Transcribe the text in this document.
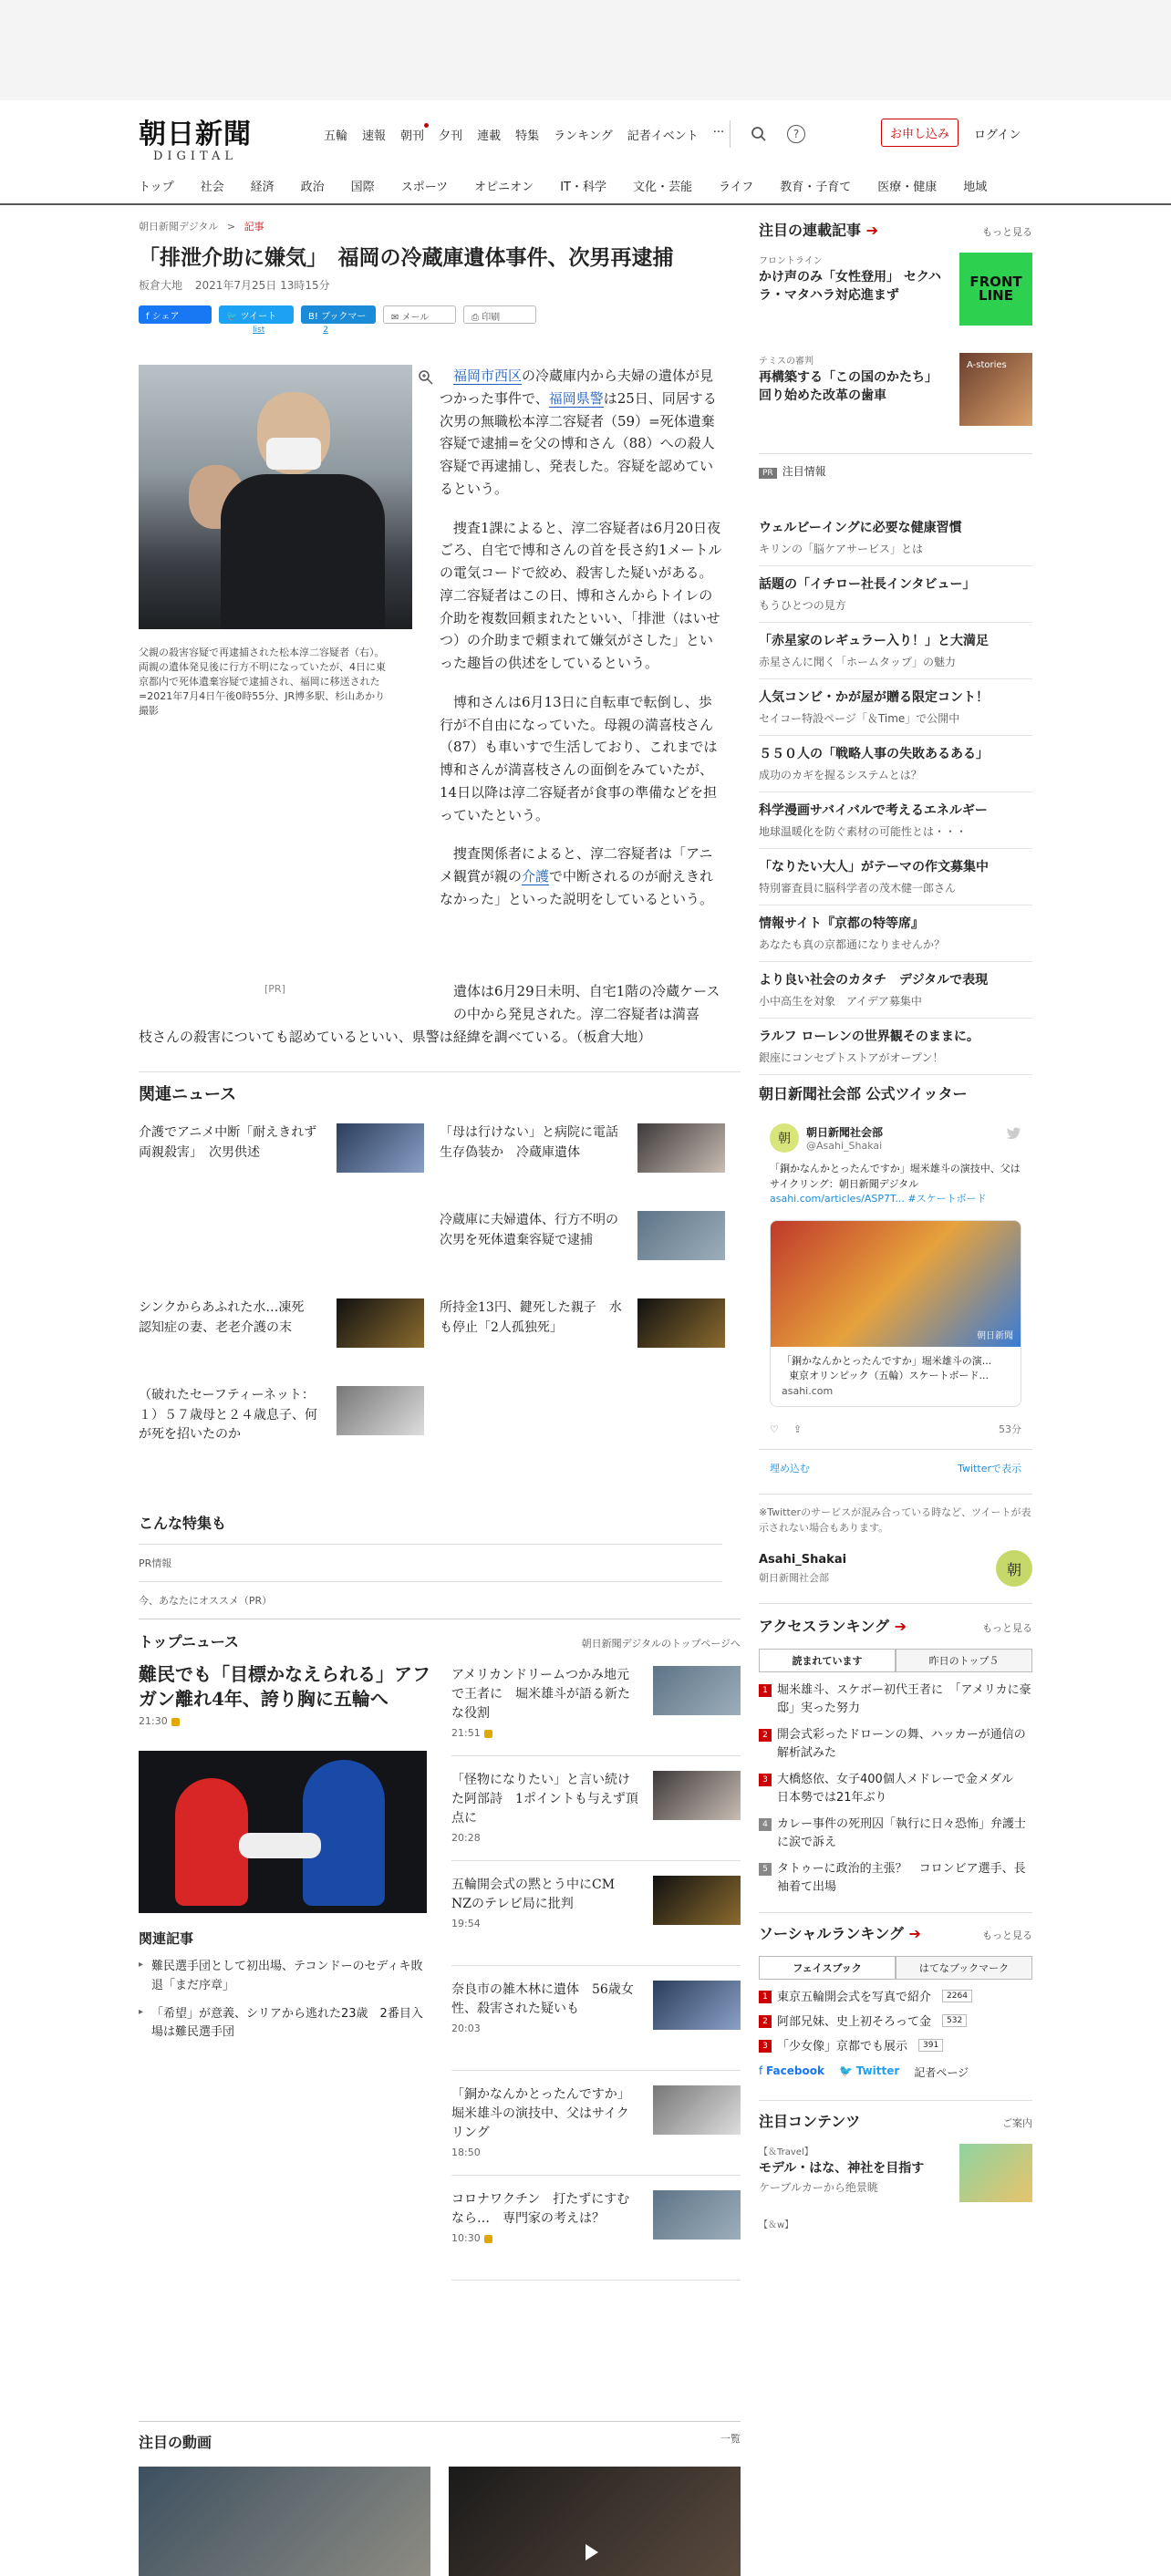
朝日新聞
DIGITAL
五輪 速報 朝刊 夕刊 連載 特集 ランキング 記者イベント ···	?	お申し込み	ログイン
トップ 社会 経済 政治 国際 スポーツ オピニオン IT・科学 文化・芸能 ライフ 教育・子育て 医療・健康 地域
朝日新聞デジタル > 記事
「排泄介助に嫌気」　福岡の冷蔵庫遺体事件、次男再逮捕
板倉大地 2021年7月25日 13時15分
f シェア	🐦 ツイート	B! ブックマーク
✉ メール	⎙ 印刷
list	2
父親の殺害容疑で再逮捕された松本淳二容疑者（右）。両親の遺体発見後に行方不明になっていたが、4日に東京都内で死体遺棄容疑で逮捕され、福岡に移送された=2021年7月4日午後0時55分、JR博多駅、杉山あかり撮影
[PR]

福岡市西区の冷蔵庫内から夫婦の遺体が見つかった事件で、福岡県警は25日、同居する次男の無職松本淳二容疑者（59）=死体遺棄容疑で逮捕=を父の博和さん（88）への殺人容疑で再逮捕し、発表した。容疑を認めているという。

捜査1課によると、淳二容疑者は6月20日夜ごろ、自宅で博和さんの首を長さ約1メートルの電気コードで絞め、殺害した疑いがある。淳二容疑者はこの日、博和さんからトイレの介助を複数回頼まれたといい、「排泄（はいせつ）の介助まで頼まれて嫌気がさした」といった趣旨の供述をしているという。

博和さんは6月13日に自転車で転倒し、歩行が不自由になっていた。母親の満喜枝さん（87）も車いすで生活しており、これまでは博和さんが満喜枝さんの面倒をみていたが、14日以降は淳二容疑者が食事の準備などを担っていたという。

捜査関係者によると、淳二容疑者は「アニメ観賞が親の介護で中断されるのが耐えきれなかった」といった説明をしているという。

遺体は6月29日未明、自宅1階の冷蔵ケースの中から発見された。淳二容疑者は満喜
枝さんの殺害についても認めているといい、県警は経緯を調べている。（板倉大地）
関連ニュース
介護でアニメ中断「耐えきれず両親殺害」　次男供述
「母は行けない」と病院に電話　生存偽装か　冷蔵庫遺体
冷蔵庫に夫婦遺体、行方不明の次男を死体遺棄容疑で逮捕
シンクからあふれた水…凍死　認知症の妻、老老介護の末
所持金13円、鍵死した親子　水も停止「2人孤独死」
（破れたセーフティーネット：１）５７歳母と２４歳息子、何が死を招いたのか
こんな特集も
PR情報
今、あなたにオススメ（PR）
トップニュース	朝日新聞デジタルのトップページへ
難民でも「目標かなえられる」アフガン離れ4年、誇り胸に五輪へ
21:30
関連記事
▸ 難民選手団として初出場、テコンドーのセディキ敗退「まだ序章」
▸ 「希望」が意義、シリアから逃れた23歳　2番目入場は難民選手団
アメリカンドリームつかみ地元で王者に　堀米雄斗が語る新たな役割
21:51
「怪物になりたい」と言い続けた阿部詩　1ポイントも与えず頂点に
20:28
五輪開会式の黙とう中にCM　NZのテレビ局に批判
19:54
奈良市の雑木林に遺体　56歳女性、殺害された疑いも
20:03
「銅かなんかとったんですか」堀米雄斗の演技中、父はサイクリング
18:50
コロナワクチン　打たずにすむなら…　専門家の考えは？
10:30
注目の動画	一覧
注目の連載記事 ➔	もっと見る
フロントライン
かけ声のみ「女性登用」 セクハラ・マタハラ対応進まず
FRONT
LINE
テミスの審判
再構築する「この国のかたち」　回り始めた改革の歯車
A-stories
PR 注目情報
ウェルビーイングに必要な健康習慣
キリンの「脳ケアサービス」とは
話題の「イチロー社長インタビュー」
もうひとつの見方
「赤星家のレギュラー入り！」と大満足
赤星さんに聞く「ホームタップ」の魅力
人気コンビ・かが屋が贈る限定コント！
セイコー特設ページ「＆Time」で公開中
５５０人の「戦略人事の失敗あるある」
成功のカギを握るシステムとは？
科学漫画サバイバルで考えるエネルギー
地球温暖化を防ぐ素材の可能性とは・・・
「なりたい大人」がテーマの作文募集中
特別審査員に脳科学者の茂木健一郎さん
情報サイト『京都の特等席』
あなたも真の京都通になりませんか？
より良い社会のカタチ　デジタルで表現
小中高生を対象　アイデア募集中
ラルフ ローレンの世界観そのままに。
銀座にコンセプトストアがオープン！
朝日新聞社会部 公式ツイッター
朝	朝日新聞社会部
@Asahi_Shakai
「銅かなんかとったんですか」堀米雄斗の演技中、父はサイクリング：朝日新聞デジタル
asahi.com/articles/ASP7T... #スケートボード
朝日新聞
「銅かなんかとったんですか」堀米雄斗の演...
東京オリンピック（五輪）スケートボード...
asahi.com
♡ ⇪	53分
埋め込む	Twitterで表示
※Twitterのサービスが混み合っている時など、ツイートが表示されない場合もあります。
Asahi_Shakai
朝日新聞社会部	朝
アクセスランキング ➔	もっと見る
読まれています	昨日のトップ５
1 堀米雄斗、スケボー初代王者に　「アメリカに豪邸」実った努力
2 開会式彩ったドローンの舞、ハッカーが通信の解析試みた
3 大橋悠依、女子400個人メドレーで金メダル　日本勢では21年ぶり
4 カレー事件の死刑囚「執行に日々恐怖」弁護士に涙で訴え
5 タトゥーに政治的主張？　コロンビア選手、長袖着て出場
ソーシャルランキング ➔	もっと見る
フェイスブック	はてなブックマーク
1 東京五輪開会式を写真で紹介	2264
2 阿部兄妹、史上初そろって金	532
3 「少女像」京都でも展示	391
f Facebook 🐦 Twitter 記者ページ
注目コンテンツ	ご案内
【＆Travel】
モデル・はな、神社を目指す
ケーブルカーから绝景眺
【＆w】
